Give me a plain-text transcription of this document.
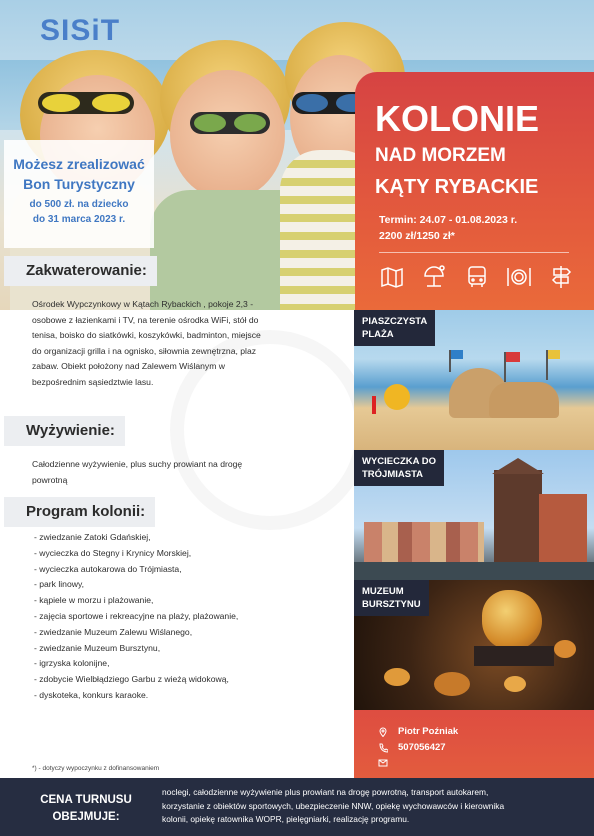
SISiT
Możesz zrealizować Bon Turystyczny
do 500 zł. na dziecko
do 31 marca 2023 r.
KOLONIE
NAD MORZEM
KĄTY RYBACKIE
Termin: 24.07 - 01.08.2023 r.
2200 zł/1250 zł*
Zakwaterowanie:
Ośrodek Wypczynkowy w Kątach Rybackich , pokoje 2,3 -
osobowe z łazienkami i TV, na terenie ośrodka WiFi, stół do
tenisa, boisko do siatkówki, koszykówki, badminton, miejsce
do organizacji grilla i na ognisko, siłownia zewnętrzna, plaz
zabaw. Obiekt położony nad Zalewem Wiślanym w
bezpośrednim sąsiedztwie lasu.
Wyżywienie:
Całodzienne wyżywienie, plus suchy prowiant na drogę
powrotną
Program kolonii:
- zwiedzanie Zatoki Gdańskiej,
- wycieczka do Stegny i Krynicy Morskiej,
- wycieczka autokarowa do Trójmiasta,
- park linowy,
- kąpiele w morzu i plażowanie,
- zajęcia sportowe i rekreacyjne na plaży, plażowanie,
- zwiedzanie Muzeum Zalewu Wiślanego,
- zwiedzanie Muzeum Bursztynu,
- igrzyska kolonijne,
- zdobycie Wielbłądziego Garbu z wieżą widokową,
- dyskoteka, konkurs karaoke.
*) - dotyczy wypoczynku z dofinansowaniem
PIASZCZYSTA
PLAŻA
WYCIECZKA DO
TRÓJMIASTA
MUZEUM
BURSZTYNU
Piotr Poźniak
507056427
CENA TURNUSU
OBEJMUJE:
noclegi, całodzienne wyżywienie plus prowiant na drogę powrotną, transport autokarem,
korzystanie z obiektów sportowych, ubezpieczenie NNW, opiekę wychowawców i kierownika
kolonii, opiekę ratownika WOPR, pielęgniarki, realizację programu.
